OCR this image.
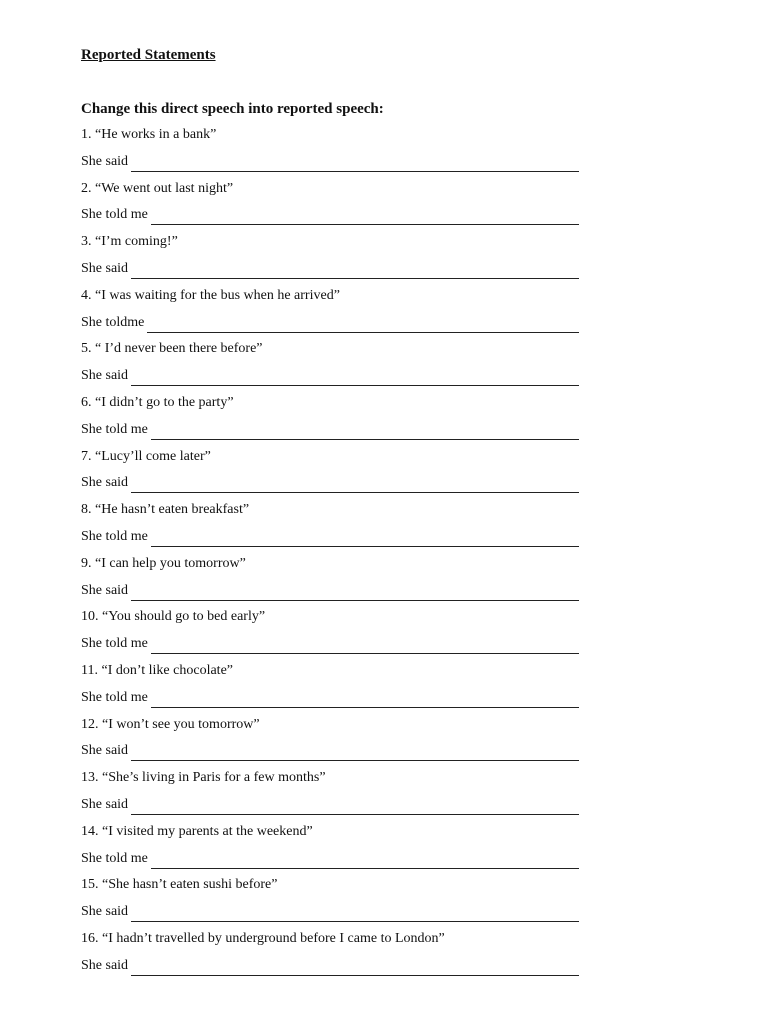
Reported Statements
Change this direct speech into reported speech:
1. “He works in a bank”
She said
2. “We went out last night”
She told me
3. “I’m coming!”
She said
4. “I was waiting for the bus when he arrived”
She toldme
5. “ I’d never been there before”
She said
6. “I didn’t go to the party”
She told me
7. “Lucy’ll come later”
She said
8. “He hasn’t eaten breakfast”
She told me
9. “I can help you tomorrow”
She said
10. “You should go to bed early”
She told me
11. “I don’t like chocolate”
She told me
12. “I won’t see you tomorrow”
She said
13. “She’s living in Paris for a few months”
She said
14. “I visited my parents at the weekend”
She told me
15. “She hasn’t eaten sushi before”
She said
16. “I hadn’t travelled by underground before I came to London”
She said
